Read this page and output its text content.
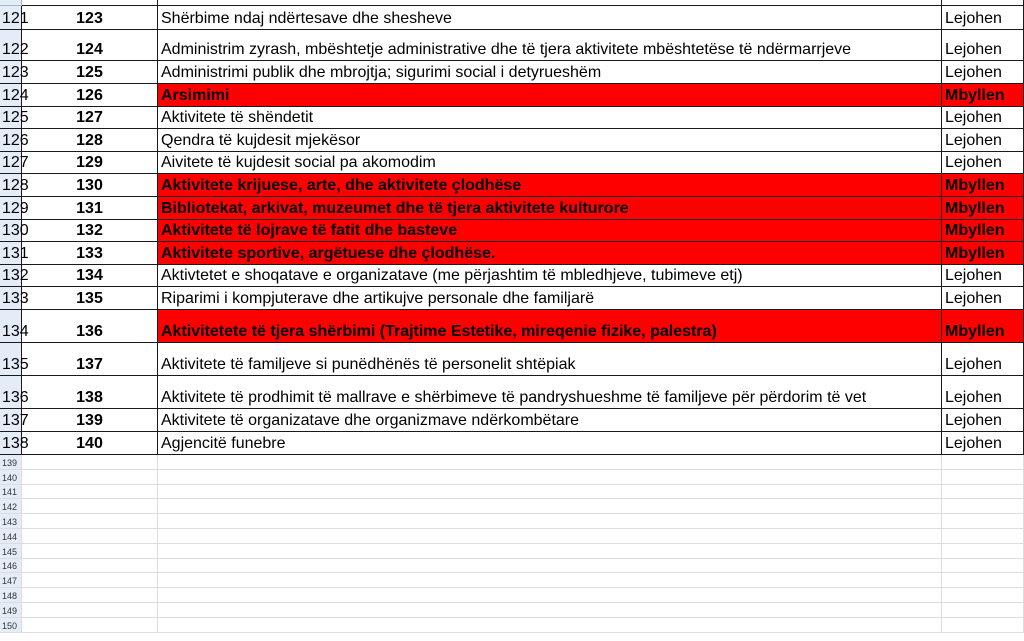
121	123	Shërbime ndaj ndërtesave dhe shesheve	Lejohen
122	124	Administrim zyrash, mbështetje administrative dhe të tjera aktivitete mbështetëse të ndërmarrjeve	Lejohen
123	125	Administrimi publik dhe mbrojtja; sigurimi social i detyrueshëm	Lejohen
124	126	Arsimimi	Mbyllen
125	127	Aktivitete të shëndetit	Lejohen
126	128	Qendra të kujdesit mjekësor	Lejohen
127	129	Aivitete të kujdesit social pa akomodim	Lejohen
128	130	Aktivitete krijuese, arte, dhe aktivitete çlodhëse	Mbyllen
129	131	Bibliotekat, arkivat, muzeumet dhe të tjera aktivitete kulturore	Mbyllen
130	132	Aktivitete të lojrave të fatit dhe basteve	Mbyllen
131	133	Aktivitete sportive, argëtuese dhe çlodhëse.	Mbyllen
132	134	Aktivtetet e shoqatave e organizatave (me përjashtim të mbledhjeve, tubimeve etj)	Lejohen
133	135	Riparimi i kompjuterave dhe artikujve personale dhe familjarë	Lejohen
134	136	Aktivitetete të tjera shërbimi (Trajtime Estetike, mireqenie fizike, palestra)	Mbyllen
135	137	Aktivitete të familjeve si punëdhënës të personelit shtëpiak	Lejohen
136	138	Aktivitete të prodhimit të mallrave e shërbimeve të pandryshueshme të familjeve për përdorim të vet	Lejohen
137	139	Aktivitete të organizatave dhe organizmave ndërkombëtare	Lejohen
138	140	Agjencitë funebre	Lejohen
139
140
141
142
143
144
145
146
147
148
149
150
